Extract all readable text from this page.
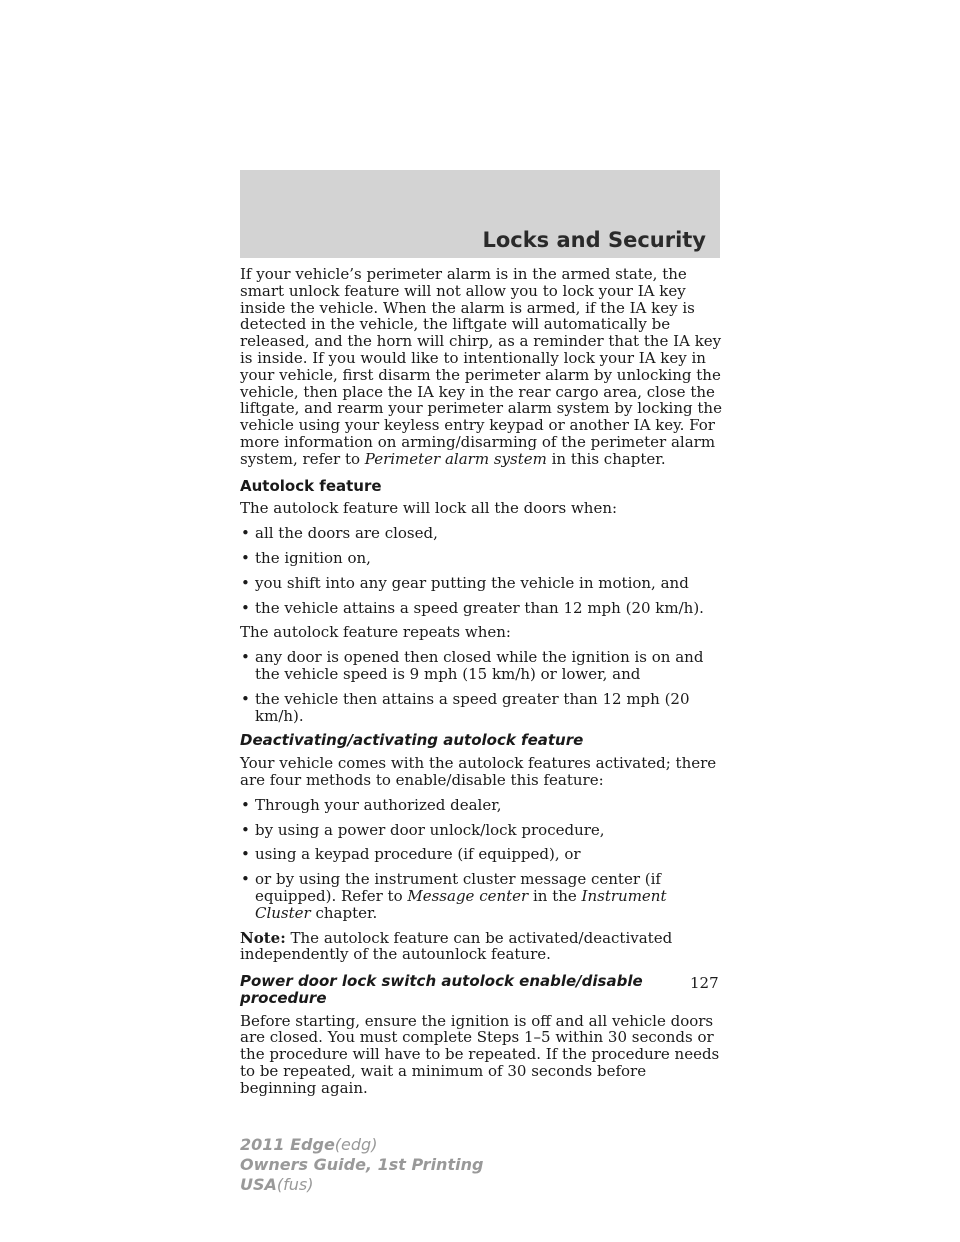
Locks and Security

If your vehicle’s perimeter alarm is in the armed state, the smart unlock feature will not allow you to lock your IA key inside the vehicle. When the alarm is armed, if the IA key is detected in the vehicle, the liftgate will automatically be released, and the horn will chirp, as a reminder that the IA key is inside. If you would like to intentionally lock your IA key in your vehicle, first disarm the perimeter alarm by unlocking the vehicle, then place the IA key in the rear cargo area, close the liftgate, and rearm your perimeter alarm system by locking the vehicle using your keyless entry keypad or another IA key. For more information on arming/disarming of the perimeter alarm system, refer to Perimeter alarm system in this chapter.

Autolock feature

The autolock feature will lock all the doors when:

• all the doors are closed,
• the ignition on,
• you shift into any gear putting the vehicle in motion, and
• the vehicle attains a speed greater than 12 mph (20 km/h).

The autolock feature repeats when:

• any door is opened then closed while the ignition is on and the vehicle speed is 9 mph (15 km/h) or lower, and
• the vehicle then attains a speed greater than 12 mph (20 km/h).
Deactivating/activating autolock feature

Your vehicle comes with the autolock features activated; there are four methods to enable/disable this feature:

• Through your authorized dealer,
• by using a power door unlock/lock procedure,
• using a keypad procedure (if equipped), or
• or by using the instrument cluster message center (if equipped). Refer to Message center in the Instrument Cluster chapter.

Note: The autolock feature can be activated/deactivated independently of the autounlock feature.

Power door lock switch autolock enable/disable procedure

Before starting, ensure the ignition is off and all vehicle doors are closed. You must complete Steps 1–5 within 30 seconds or the procedure will have to be repeated. If the procedure needs to be repeated, wait a minimum of 30 seconds before beginning again.

127
2011 Edge(edg)
Owners Guide, 1st Printing
USA(fus)
